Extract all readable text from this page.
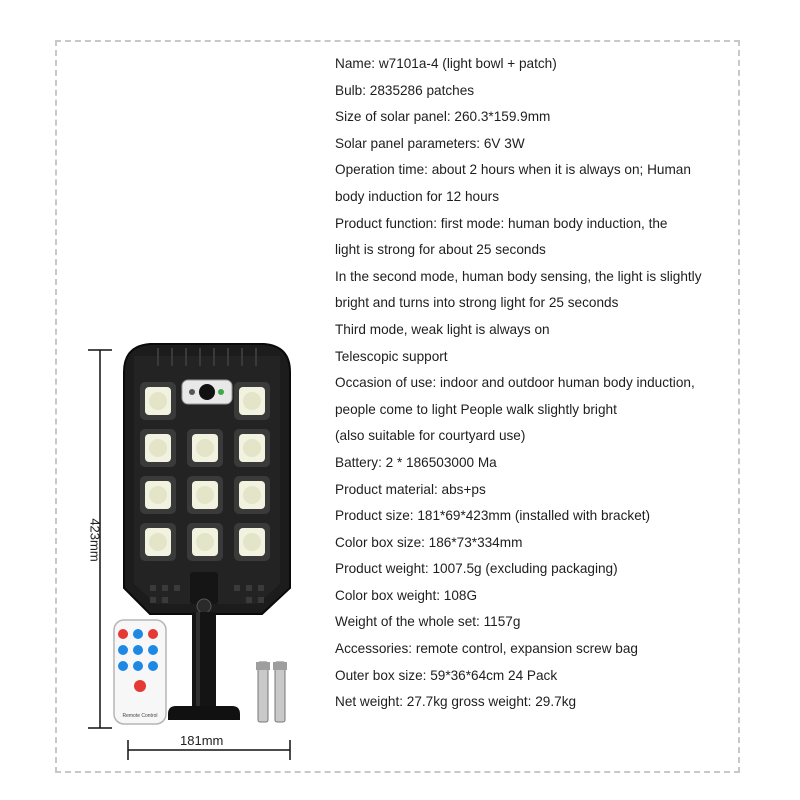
Name: w7101a-4 (light bowl + patch)
Bulb: 2835286 patches
Size of solar panel: 260.3*159.9mm
Solar panel parameters: 6V 3W
Operation time: about 2 hours when it is always on; Human
body induction for 12 hours
Product function: first mode: human body induction, the
light is strong for about 25 seconds
In the second mode, human body sensing, the light is slightly
bright and turns into strong light for 25 seconds
Third mode, weak light is always on
Telescopic support
Occasion of use: indoor and outdoor human body induction,
people come to light People walk slightly bright
(also suitable for courtyard use)
Battery: 2 * 186503000 Ma
Product material: abs+ps
Product size: 181*69*423mm (installed with bracket)
Color box size: 186*73*334mm
Product weight: 1007.5g (excluding packaging)
Color box weight: 108G
Weight of the whole set: 1157g
Accessories: remote control, expansion screw bag
Outer box size: 59*36*64cm 24 Pack
Net weight: 27.7kg gross weight: 29.7kg
Remote Control
423mm
181mm
